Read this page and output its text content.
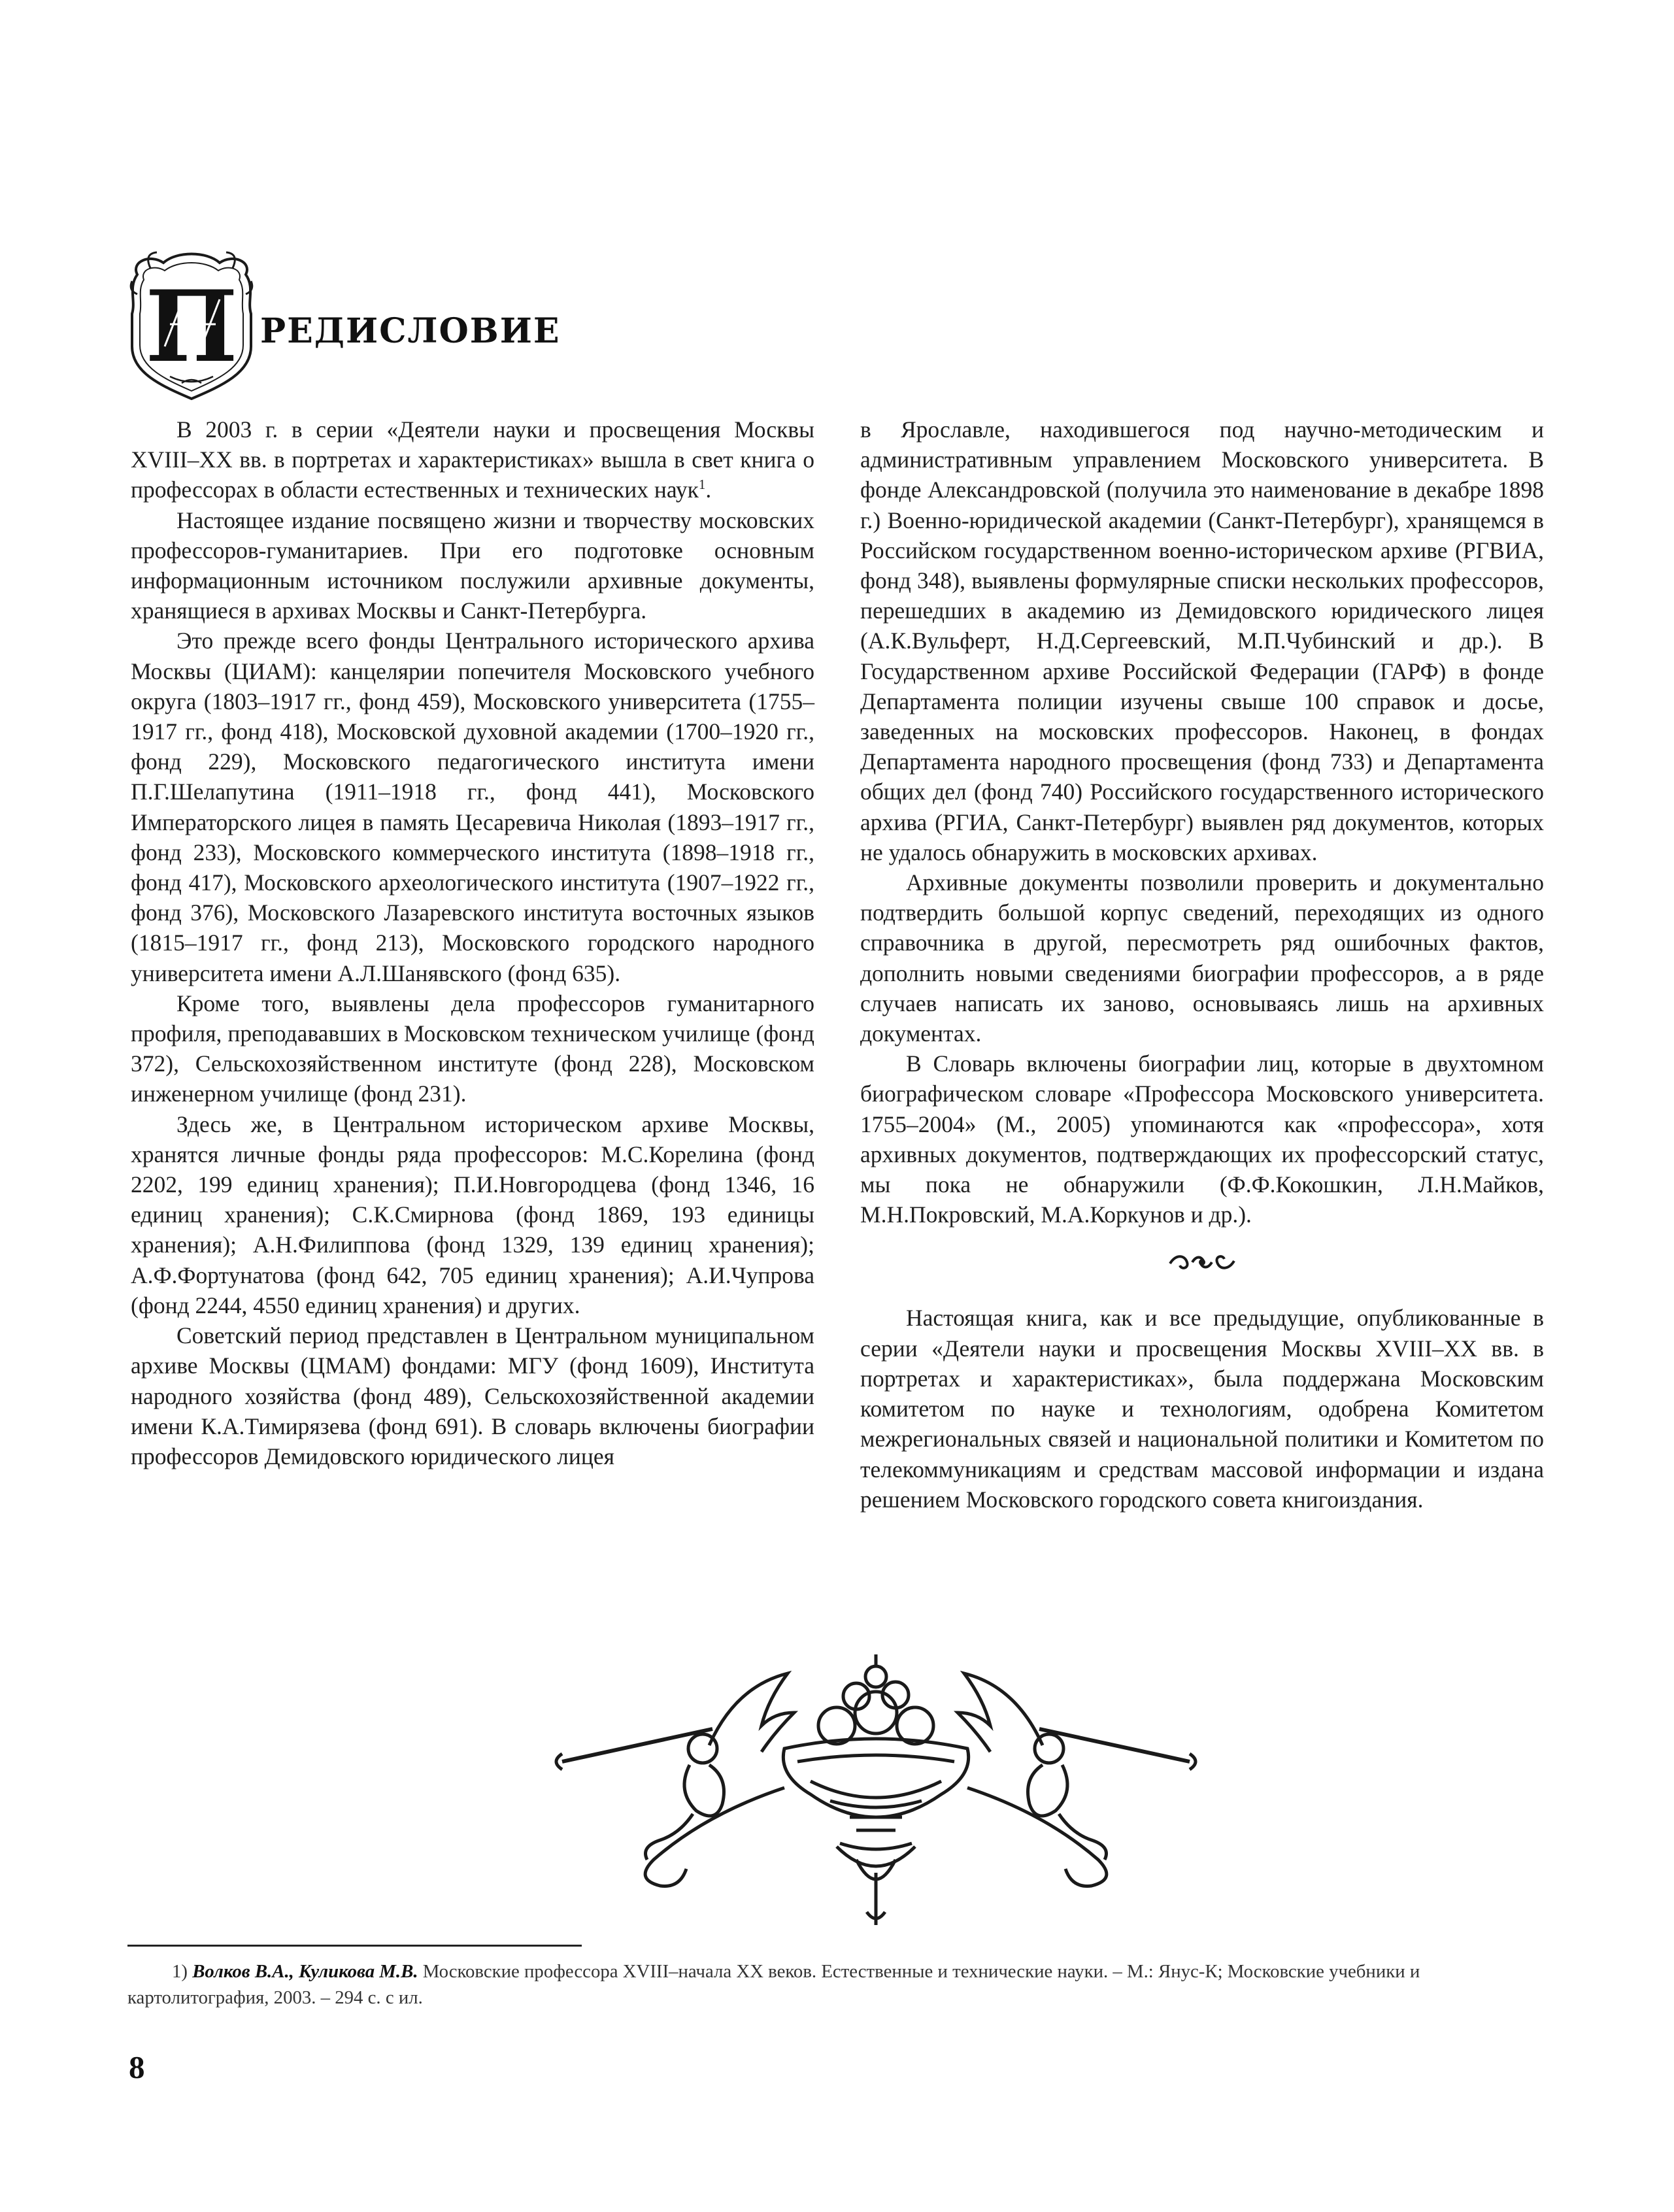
П РЕДИСЛОВИЕ

В 2003 г. в серии «Деятели науки и просвещения Москвы XVIII–XX вв. в портретах и характеристиках» вышла в свет книга о профессорах в области естественных и технических наук$^1$.

Настоящее издание посвящено жизни и творчеству московских профессоров-гуманитариев. При его подготовке основным информационным источником послужили архивные документы, хранящиеся в архивах Москвы и Санкт-Петербурга.

Это прежде всего фонды Центрального исторического архива Москвы (ЦИАМ): канцелярии попечителя Московского учебного округа (1803–1917 гг., фонд 459), Московского университета (1755–1917 гг., фонд 418), Московской духовной академии (1700–1920 гг., фонд 229), Московского педагогического института имени П.Г.Шелапутина (1911–1918 гг., фонд 441), Московского Императорского лицея в память Цесаревича Николая (1893–1917 гг., фонд 233), Московского коммерческого института (1898–1918 гг., фонд 417), Московского археологического института (1907–1922 гг., фонд 376), Московского Лазаревского института восточных языков (1815–1917 гг., фонд 213), Московского городского народного университета имени А.Л.Шанявского (фонд 635).

Кроме того, выявлены дела профессоров гуманитарного профиля, преподававших в Московском техническом училище (фонд 372), Сельскохозяйственном институте (фонд 228), Московском инженерном училище (фонд 231).

Здесь же, в Центральном историческом архиве Москвы, хранятся личные фонды ряда профессоров: М.С.Корелина (фонд 2202, 199 единиц хранения); П.И.Новгородцева (фонд 1346, 16 единиц хранения); С.К.Смирнова (фонд 1869, 193 единицы хранения); А.Н.Филиппова (фонд 1329, 139 единиц хранения); А.Ф.Фортунатова (фонд 642, 705 единиц хранения); А.И.Чупрова (фонд 2244, 4550 единиц хранения) и других.

Советский период представлен в Центральном муниципальном архиве Москвы (ЦМАМ) фондами: МГУ (фонд 1609), Института народного хозяйства (фонд 489), Сельскохозяйственной академии имени К.А.Тимирязева (фонд 691). В словарь включены биографии профессоров Демидовского юридического лицея

в Ярославле, находившегося под научно-методическим и административным управлением Московского университета. В фонде Александровской (получила это наименование в декабре 1898 г.) Военно-юридической академии (Санкт-Петербург), хранящемся в Российском государственном военно-историческом архиве (РГВИА, фонд 348), выявлены формулярные списки нескольких профессоров, перешедших в академию из Демидовского юридического лицея (А.К.Вульферт, Н.Д.Сергеевский, М.П.Чубинский и др.). В Государственном архиве Российской Федерации (ГАРФ) в фонде Департамента полиции изучены свыше 100 справок и досье, заведенных на московских профессоров. Наконец, в фондах Департамента народного просвещения (фонд 733) и Департамента общих дел (фонд 740) Российского государственного исторического архива (РГИА, Санкт-Петербург) выявлен ряд документов, которых не удалось обнаружить в московских архивах.

Архивные документы позволили проверить и документально подтвердить большой корпус сведений, переходящих из одного справочника в другой, пересмотреть ряд ошибочных фактов, дополнить новыми сведениями биографии профессоров, а в ряде случаев написать их заново, основываясь лишь на архивных документах.

В Словарь включены биографии лиц, которые в двухтомном биографическом словаре «Профессора Московского университета. 1755–2004» (М., 2005) упоминаются как «профессора», хотя архивных документов, подтверждающих их профессорский статус, мы пока не обнаружили (Ф.Ф.Кокошкин, Л.Н.Майков, М.Н.Покровский, М.А.Коркунов и др.).

Настоящая книга, как и все предыдущие, опубликованные в серии «Деятели науки и просвещения Москвы XVIII–XX вв. в портретах и характеристиках», была поддержана Московским комитетом по науке и технологиям, одобрена Комитетом межрегиональных связей и национальной политики и Комитетом по телекоммуникациям и средствам массовой информации и издана решением Московского городского совета книгоиздания.

1) Волков В.А., Куликова М.В. Московские профессора XVIII–начала XX веков. Естественные и технические науки. – М.: Янус-К; Московские учебники и картолитография, 2003. – 294 с. с ил.
8
